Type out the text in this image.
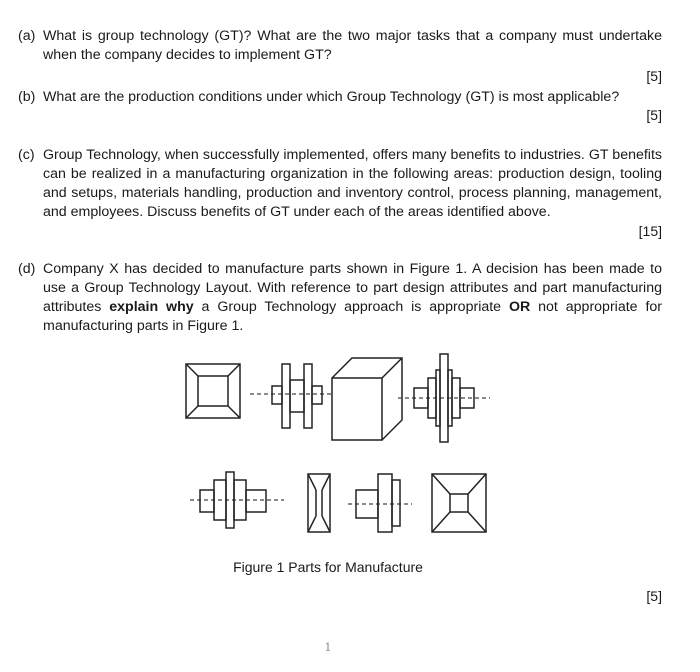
(a) What is group technology (GT)? What are the two major tasks that a company must undertake when the company decides to implement GT?
[5]
(b) What are the production conditions under which Group Technology (GT) is most applicable?
[5]
(c) Group Technology, when successfully implemented, offers many benefits to industries. GT benefits can be realized in a manufacturing organization in the following areas: production design, tooling and setups, materials handling, production and inventory control, process planning, management, and employees. Discuss benefits of GT under each of the areas identified above.
[15]
(d) Company X has decided to manufacture parts shown in Figure 1. A decision has been made to use a Group Technology Layout. With reference to part design attributes and part manufacturing attributes explain why a Group Technology approach is appropriate OR not appropriate for manufacturing parts in Figure 1.
Figure 1 Parts for Manufacture
[5]
1
